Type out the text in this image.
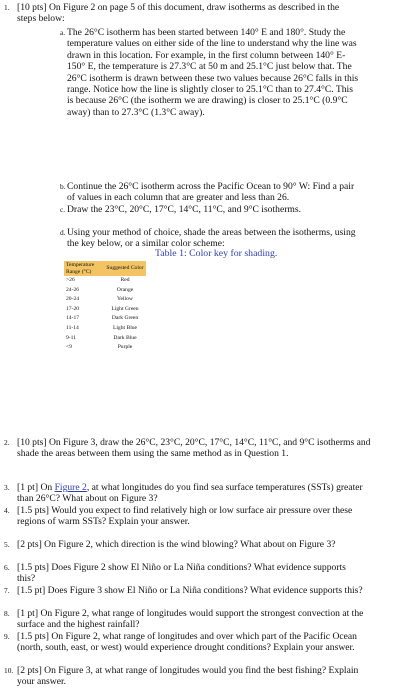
1. [10 pts] On Figure 2 on page 5 of this document, draw isotherms as described in the steps below:
a. The 26°C isotherm has been started between 140° E and 180°. Study the temperature values on either side of the line to understand why the line was drawn in this location. For example, in the first column between 140° E-150° E, the temperature is 27.3°C at 50 m and 25.1°C just below that. The 26°C isotherm is drawn between these two values because 26°C falls in this range. Notice how the line is slightly closer to 25.1°C than to 27.4°C. This is because 26°C (the isotherm we are drawing) is closer to 25.1°C (0.9°C away) than to 27.3°C (1.3°C away).
b. Continue the 26°C isotherm across the Pacific Ocean to 90° W: Find a pair of values in each column that are greater and less than 26.
c. Draw the 23°C, 20°C, 17°C, 14°C, 11°C, and 9°C isotherms.
d. Using your method of choice, shade the areas between the isotherms, using the key below, or a similar color scheme:
Table 1: Color key for shading.
Temperature Range (°C)	Suggested Color
>26	Red
24-26	Orange
20-24	Yellow
17-20	Light Green
14-17	Dark Green
11-14	Light Blue
9-11	Dark Blue
<9	Purple
2. [10 pts] On Figure 3, draw the 26°C, 23°C, 20°C, 17°C, 14°C, 11°C, and 9°C isotherms and shade the areas between them using the same method as in Question 1.
3. [1 pt] On Figure 2, at what longitudes do you find sea surface temperatures (SSTs) greater than 26°C? What about on Figure 3?
4. [1.5 pts] Would you expect to find relatively high or low surface air pressure over these regions of warm SSTs? Explain your answer.
5. [2 pts] On Figure 2, which direction is the wind blowing? What about on Figure 3?
6. [1.5 pts] Does Figure 2 show El Niño or La Niña conditions? What evidence supports this?
7. [1.5 pt] Does Figure 3 show El Niño or La Niña conditions? What evidence supports this?
8. [1 pt] On Figure 2, what range of longitudes would support the strongest convection at the surface and the highest rainfall?
9. [1.5 pts] On Figure 2, what range of longitudes and over which part of the Pacific Ocean (north, south, east, or west) would experience drought conditions? Explain your answer.
10. [2 pts] On Figure 3, at what range of longitudes would you find the best fishing? Explain your answer.
